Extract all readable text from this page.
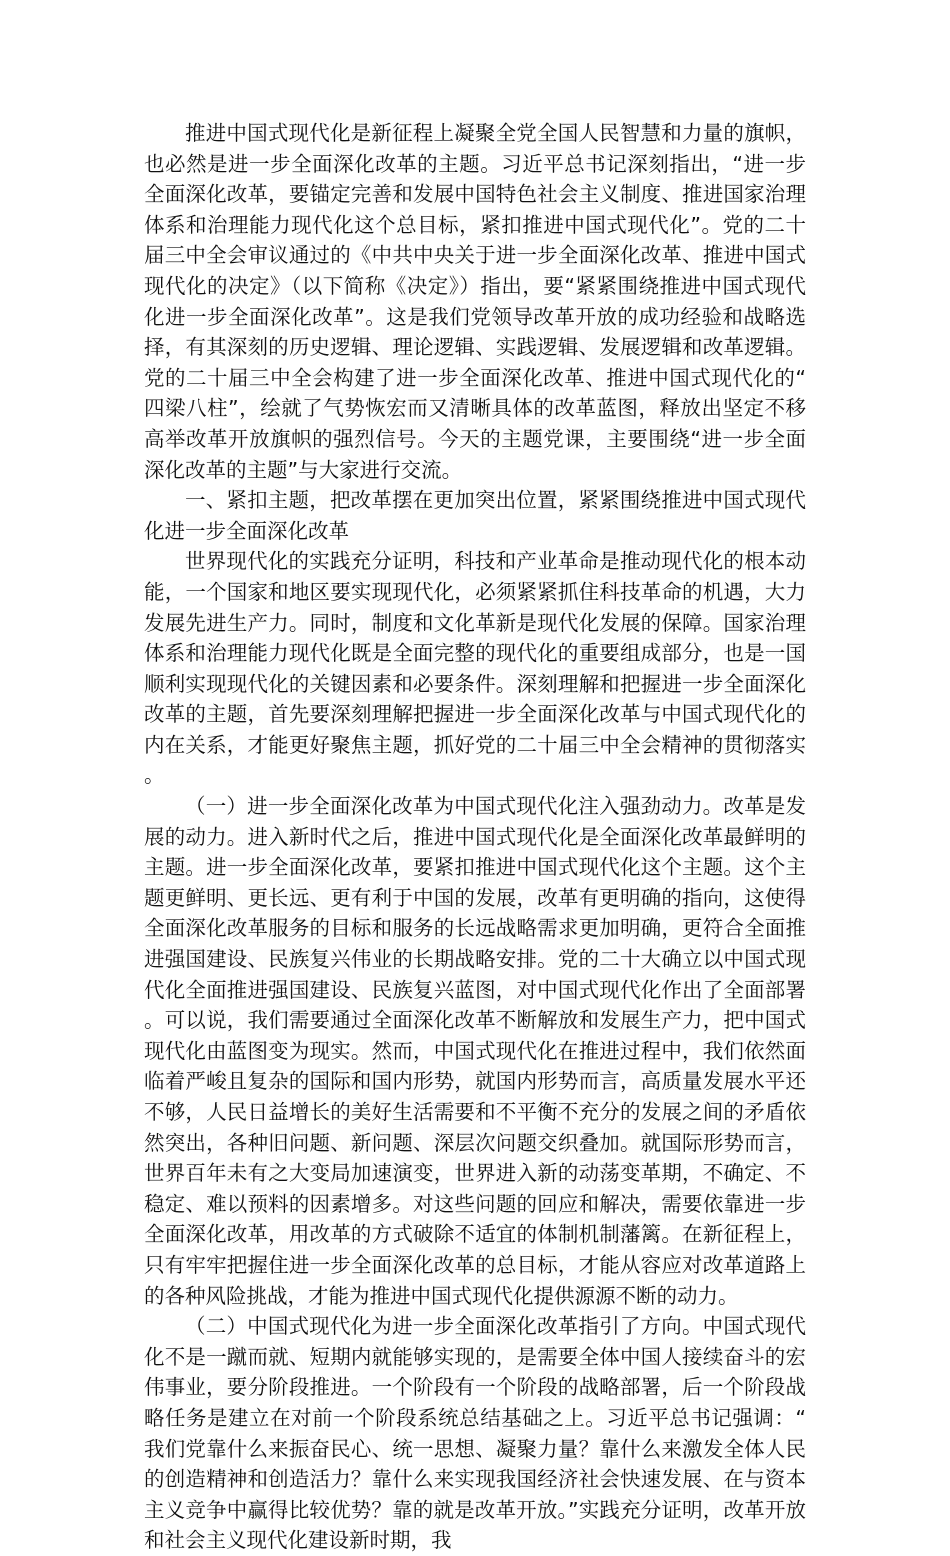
推进中国式现代化是新征程上凝聚全党全国人民智慧和力量的旗帜，也必然是进一步全面深化改革的主题。习近平总书记深刻指出，“进一步全面深化改革，要锚定完善和发展中国特色社会主义制度、推进国家治理体系和治理能力现代化这个总目标，紧扣推进中国式现代化”。党的二十届三中全会审议通过的《中共中央关于进一步全面深化改革、推进中国式现代化的决定》（以下简称《决定》）指出，要“紧紧围绕推进中国式现代化进一步全面深化改革”。这是我们党领导改革开放的成功经验和战略选择，有其深刻的历史逻辑、理论逻辑、实践逻辑、发展逻辑和改革逻辑。党的二十届三中全会构建了进一步全面深化改革、推进中国式现代化的“四梁八柱”，绘就了气势恢宏而又清晰具体的改革蓝图，释放出坚定不移高举改革开放旗帜的强烈信号。今天的主题党课，主要围绕“进一步全面深化改革的主题”与大家进行交流。

一、紧扣主题，把改革摆在更加突出位置，紧紧围绕推进中国式现代化进一步全面深化改革

世界现代化的实践充分证明，科技和产业革命是推动现代化的根本动能，一个国家和地区要实现现代化，必须紧紧抓住科技革命的机遇，大力发展先进生产力。同时，制度和文化革新是现代化发展的保障。国家治理体系和治理能力现代化既是全面完整的现代化的重要组成部分，也是一国顺利实现现代化的关键因素和必要条件。深刻理解和把握进一步全面深化改革的主题，首先要深刻理解把握进一步全面深化改革与中国式现代化的内在关系，才能更好聚焦主题，抓好党的二十届三中全会精神的贯彻落实。

（一）进一步全面深化改革为中国式现代化注入强劲动力。改革是发展的动力。进入新时代之后，推进中国式现代化是全面深化改革最鲜明的主题。进一步全面深化改革，要紧扣推进中国式现代化这个主题。这个主题更鲜明、更长远、更有利于中国的发展，改革有更明确的指向，这使得全面深化改革服务的目标和服务的长远战略需求更加明确，更符合全面推进强国建设、民族复兴伟业的长期战略安排。党的二十大确立以中国式现代化全面推进强国建设、民族复兴蓝图，对中国式现代化作出了全面部署。可以说，我们需要通过全面深化改革不断解放和发展生产力，把中国式现代化由蓝图变为现实。然而，中国式现代化在推进过程中，我们依然面临着严峻且复杂的国际和国内形势，就国内形势而言，高质量发展水平还不够，人民日益增长的美好生活需要和不平衡不充分的发展之间的矛盾依然突出，各种旧问题、新问题、深层次问题交织叠加。就国际形势而言，世界百年未有之大变局加速演变，世界进入新的动荡变革期，不确定、不稳定、难以预料的因素增多。对这些问题的回应和解决，需要依靠进一步全面深化改革，用改革的方式破除不适宜的体制机制藩篱。在新征程上，只有牢牢把握住进一步全面深化改革的总目标，才能从容应对改革道路上的各种风险挑战，才能为推进中国式现代化提供源源不断的动力。

（二）中国式现代化为进一步全面深化改革指引了方向。中国式现代化不是一蹴而就、短期内就能够实现的，是需要全体中国人接续奋斗的宏伟事业，要分阶段推进。一个阶段有一个阶段的战略部署，后一个阶段战略任务是建立在对前一个阶段系统总结基础之上。习近平总书记强调：“我们党靠什么来振奋民心、统一思想、凝聚力量？靠什么来激发全体人民的创造精神和创造活力？靠什么来实现我国经济社会快速发展、在与资本主义竞争中赢得比较优势？靠的就是改革开放。”实践充分证明，改革开放和社会主义现代化建设新时期，我
